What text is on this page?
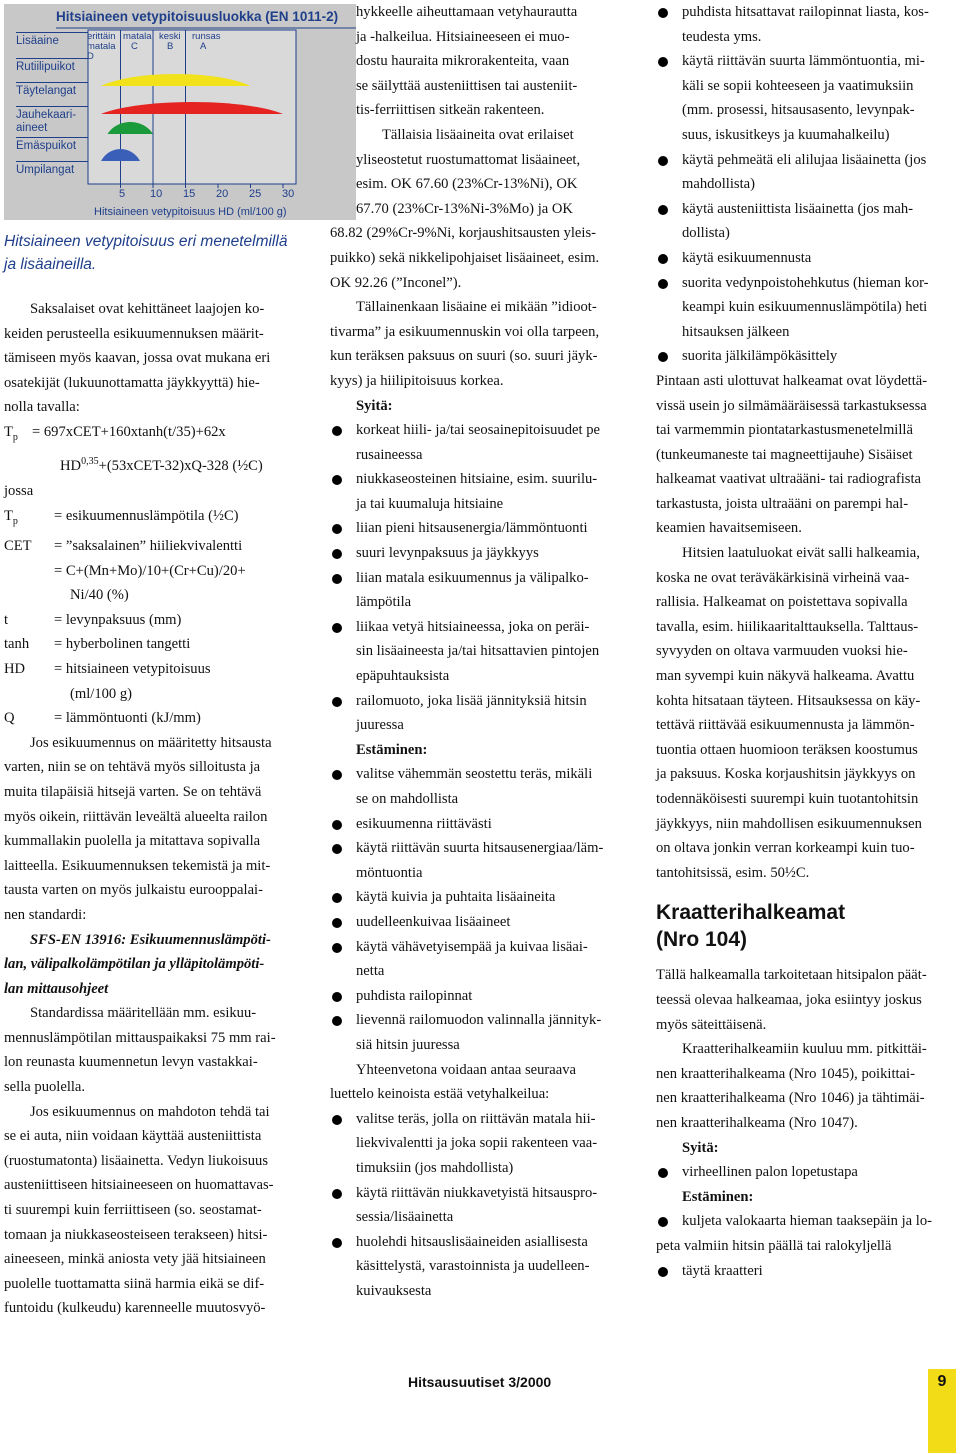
Hitsiaineen vetypitoisuusluokka (EN 1011-2)
erittäin
matala
D
matala
C
keski
B
runsas
A
Lisäaine
Rutiilipuikot
Täytelangat
Jauhekaari-
aineet
Emäspuikot
Umpilangat
5 10 15 20 25 30
Hitsiaineen vetypitoisuus HD (ml/100 g)
Hitsiaineen vetypitoisuus eri menetelmillä
ja lisäaineilla.
Saksalaiset ovat kehittäneet laajojen ko-
keiden perusteella esikuumennuksen määrit-
tämiseen myös kaavan, jossa ovat mukana eri
osatekijät (lukuunottamatta jäykkyyttä) hie-
nolla tavalla:
$T_p$ = 697xCET+160xtanh(t/35)+62x
HD$^{0,35}$+(53xCET-32)xQ-328 (½C)
jossa
$T_p$ = esikuumennuslämpötila (½C)
CET = ”saksalainen” hiiliekvivalentti
= C+(Mn+Mo)/10+(Cr+Cu)/20+
Ni/40 (%)
t	= levynpaksuus (mm)
tanh = hyberbolinen tangetti
HD = hitsiaineen vetypitoisuus
(ml/100 g)
Q	= lämmöntuonti (kJ/mm)
Jos esikuumennus on määritetty hitsausta
varten, niin se on tehtävä myös silloitusta ja
muita tilapäisiä hitsejä varten. Se on tehtävä
myös oikein, riittävän leveältä alueelta railon
kummallakin puolella ja mitattava sopivalla
laitteella. Esikuumennuksen tekemistä ja mit-
tausta varten on myös julkaistu eurooppalai-
nen standardi:
SFS-EN 13916: Esikuumennuslämpöti-
lan, välipalkolämpötilan ja ylläpitolämpöti-
lan mittausohjeet
Standardissa määritellään mm. esikuu-
mennuslämpötilan mittauspaikaksi 75 mm rai-
lon reunasta kuumennetun levyn vastakkai-
sella puolella.
Jos esikuumennus on mahdoton tehdä tai
se ei auta, niin voidaan käyttää austeniittista
(ruostumatonta) lisäainetta. Vedyn liukoisuus
austeniittiseen hitsiaineeseen on huomattavas-
ti suurempi kuin ferriittiseen (so. seostamat-
tomaan ja niukkaseosteiseen terakseen) hitsi-
aineeseen, minkä aniosta vety jää hitsiaineen
puolelle tuottamatta siinä harmia eikä se dif-
funtoidu (kulkeudu) karenneelle muutosvyö-
hykkeelle aiheuttamaan vetyhaurautta
ja -halkeilua. Hitsiaineeseen ei muo-
dostu hauraita mikrorakenteita, vaan
se säilyttää austeniittisen tai austeniit-
tis-ferriittisen sitkeän rakenteen.
Tällaisia lisäaineita ovat erilaiset
yliseostetut ruostumattomat lisäaineet,
esim. OK 67.60 (23%Cr-13%Ni), OK
67.70 (23%Cr-13%Ni-3%Mo) ja OK
68.82 (29%Cr-9%Ni, korjaushitsausten yleis-
puikko) sekä nikkelipohjaiset lisäaineet, esim.
OK 92.26 (”Inconel”).
Tällainenkaan lisäaine ei mikään ”idioot-
tivarma” ja esikuumennuskin voi olla tarpeen,
kun teräksen paksuus on suuri (so. suuri jäyk-
kyys) ja hiilipitoisuus korkea.
Syitä:
korkeat hiili- ja/tai seosainepitoisuudet pe
rusaineessa
niukkaseosteinen hitsiaine, esim. suurilu-
ja tai kuumaluja hitsiaine
liian pieni hitsausenergia/lämmöntuonti
suuri levynpaksuus ja jäykkyys
liian matala esikuumennus ja välipalko-
lämpötila
liikaa vetyä hitsiaineessa, joka on peräi-
sin lisäaineesta ja/tai hitsattavien pintojen
epäpuhtauksista
railomuoto, joka lisää jännityksiä hitsin
juuressa
Estäminen:
valitse vähemmän seostettu teräs, mikäli
se on mahdollista
esikuumenna riittävästi
käytä riittävän suurta hitsausenergiaa/läm-
möntuontia
käytä kuivia ja puhtaita lisäaineita
uudelleenkuivaa lisäaineet
käytä vähävetyisempää ja kuivaa lisäai-
netta
puhdista railopinnat
lievennä railomuodon valinnalla jännityk-
siä hitsin juuressa
Yhteenvetona voidaan antaa seuraava
luettelo keinoista estää vetyhalkeilua:
valitse teräs, jolla on riittävän matala hii-
liekvivalentti ja joka sopii rakenteen vaa-
timuksiin (jos mahdollista)
käytä riittävän niukkavetyistä hitsauspro-
sessia/lisäainetta
huolehdi hitsauslisäaineiden asiallisesta
käsittelystä, varastoinnista ja uudelleen-
kuivauksesta
puhdista hitsattavat railopinnat liasta, kos-
teudesta yms.
käytä riittävän suurta lämmöntuontia, mi-
käli se sopii kohteeseen ja vaatimuksiin
(mm. prosessi, hitsausasento, levynpak-
suus, iskusitkeys ja kuumahalkeilu)
käytä pehmeätä eli alilujaa lisäainetta (jos
mahdollista)
käytä austeniittista lisäainetta (jos mah-
dollista)
käytä esikuumennusta
suorita vedynpoistohehkutus (hieman kor-
keampi kuin esikuumennuslämpötila) heti
hitsauksen jälkeen
suorita jälkilämpökäsittely
Pintaan asti ulottuvat halkeamat ovat löydettä-
vissä usein jo silmämääräisessä tarkastuksessa
tai varmemmin piontatarkastusmenetelmillä
(tunkeumaneste tai magneettijauhe) Sisäiset
halkeamat vaativat ultraääni- tai radiografista
tarkastusta, joista ultraääni on parempi hal-
keamien havaitsemiseen.
Hitsien laatuluokat eivät salli halkeamia,
koska ne ovat teräväkärkisinä virheinä vaa-
rallisia. Halkeamat on poistettava sopivalla
tavalla, esim. hiilikaaritalttauksella. Talttaus-
syvyyden on oltava varmuuden vuoksi hie-
man syvempi kuin näkyvä halkeama. Avattu
kohta hitsataan täyteen. Hitsauksessa on käy-
tettävä riittävää esikuumennusta ja lämmön-
tuontia ottaen huomioon teräksen koostumus
ja paksuus. Koska korjaushitsin jäykkyys on
todennäköisesti suurempi kuin tuotantohitsin
jäykkyys, niin mahdollisen esikuumennuksen
on oltava jonkin verran korkeampi kuin tuo-
tantohitsissä, esim. 50½C.
Kraatterihalkeamat
(Nro 104)
Tällä halkeamalla tarkoitetaan hitsipalon päät-
teessä olevaa halkeamaa, joka esiintyy joskus
myös säteittäisenä.
Kraatterihalkeamiin kuuluu mm. pitkittäi-
nen kraatterihalkeama (Nro 1045), poikittai-
nen kraatterihalkeama (Nro 1046) ja tähtimäi-
nen kraatterihalkeama (Nro 1047).
Syitä:
virheellinen palon lopetustapa
Estäminen:
kuljeta valokaarta hieman taaksepäin ja lo-
peta valmiin hitsin päällä tai ralokyljellä
täytä kraatteri
Hitsausuutiset 3/2000	9
